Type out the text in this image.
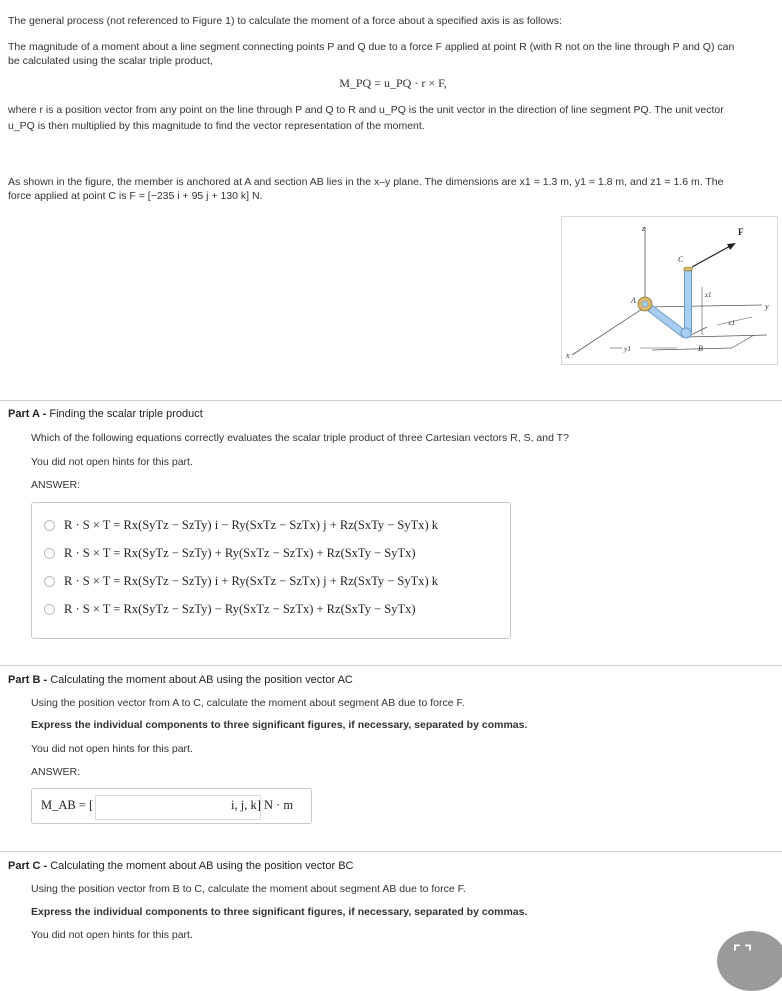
The general process (not referenced to Figure 1) to calculate the moment of a force about a specified axis is as follows:

The magnitude of a moment about a line segment connecting points P and Q due to a force F applied at point R (with R not on the line through P and Q) can

be calculated using the scalar triple product,

M_PQ = u_PQ · r × F,

where r is a position vector from any point on the line through P and Q to R and u_PQ is the unit vector in the direction of line segment PQ. The unit vector

u_PQ is then multiplied by this magnitude to find the vector representation of the moment.

As shown in the figure, the member is anchored at A and section AB lies in the x–y plane. The dimensions are x1 = 1.3 m, y1 = 1.8 m, and z1 = 1.6 m. The

force applied at point C is F = [−235 i + 95 j + 130 k] N.

z	F
C
A
z1
x1
y1	B
x
y
Part A - Finding the scalar triple product
Which of the following equations correctly evaluates the scalar triple product of three Cartesian vectors R, S, and T?
You did not open hints for this part.
ANSWER:
R · S × T = Rx(SyTz − SzTy) i − Ry(SxTz − SzTx) j + Rz(SxTy − SyTx) k
R · S × T = Rx(SyTz − SzTy) + Ry(SxTz − SzTx) + Rz(SxTy − SyTx)
R · S × T = Rx(SyTz − SzTy) i + Ry(SxTz − SzTx) j + Rz(SxTy − SyTx) k
R · S × T = Rx(SyTz − SzTy) − Ry(SxTz − SzTx) + Rz(SxTy − SyTx)
Part B - Calculating the moment about AB using the position vector AC
Using the position vector from A to C, calculate the moment about segment AB due to force F.
Express the individual components to three significant figures, if necessary, separated by commas.
You did not open hints for this part.
ANSWER:
M_AB = [	i, j, k] N · m
Part C - Calculating the moment about AB using the position vector BC
Using the position vector from B to C, calculate the moment about segment AB due to force F.
Express the individual components to three significant figures, if necessary, separated by commas.
You did not open hints for this part.
⌜⌝
